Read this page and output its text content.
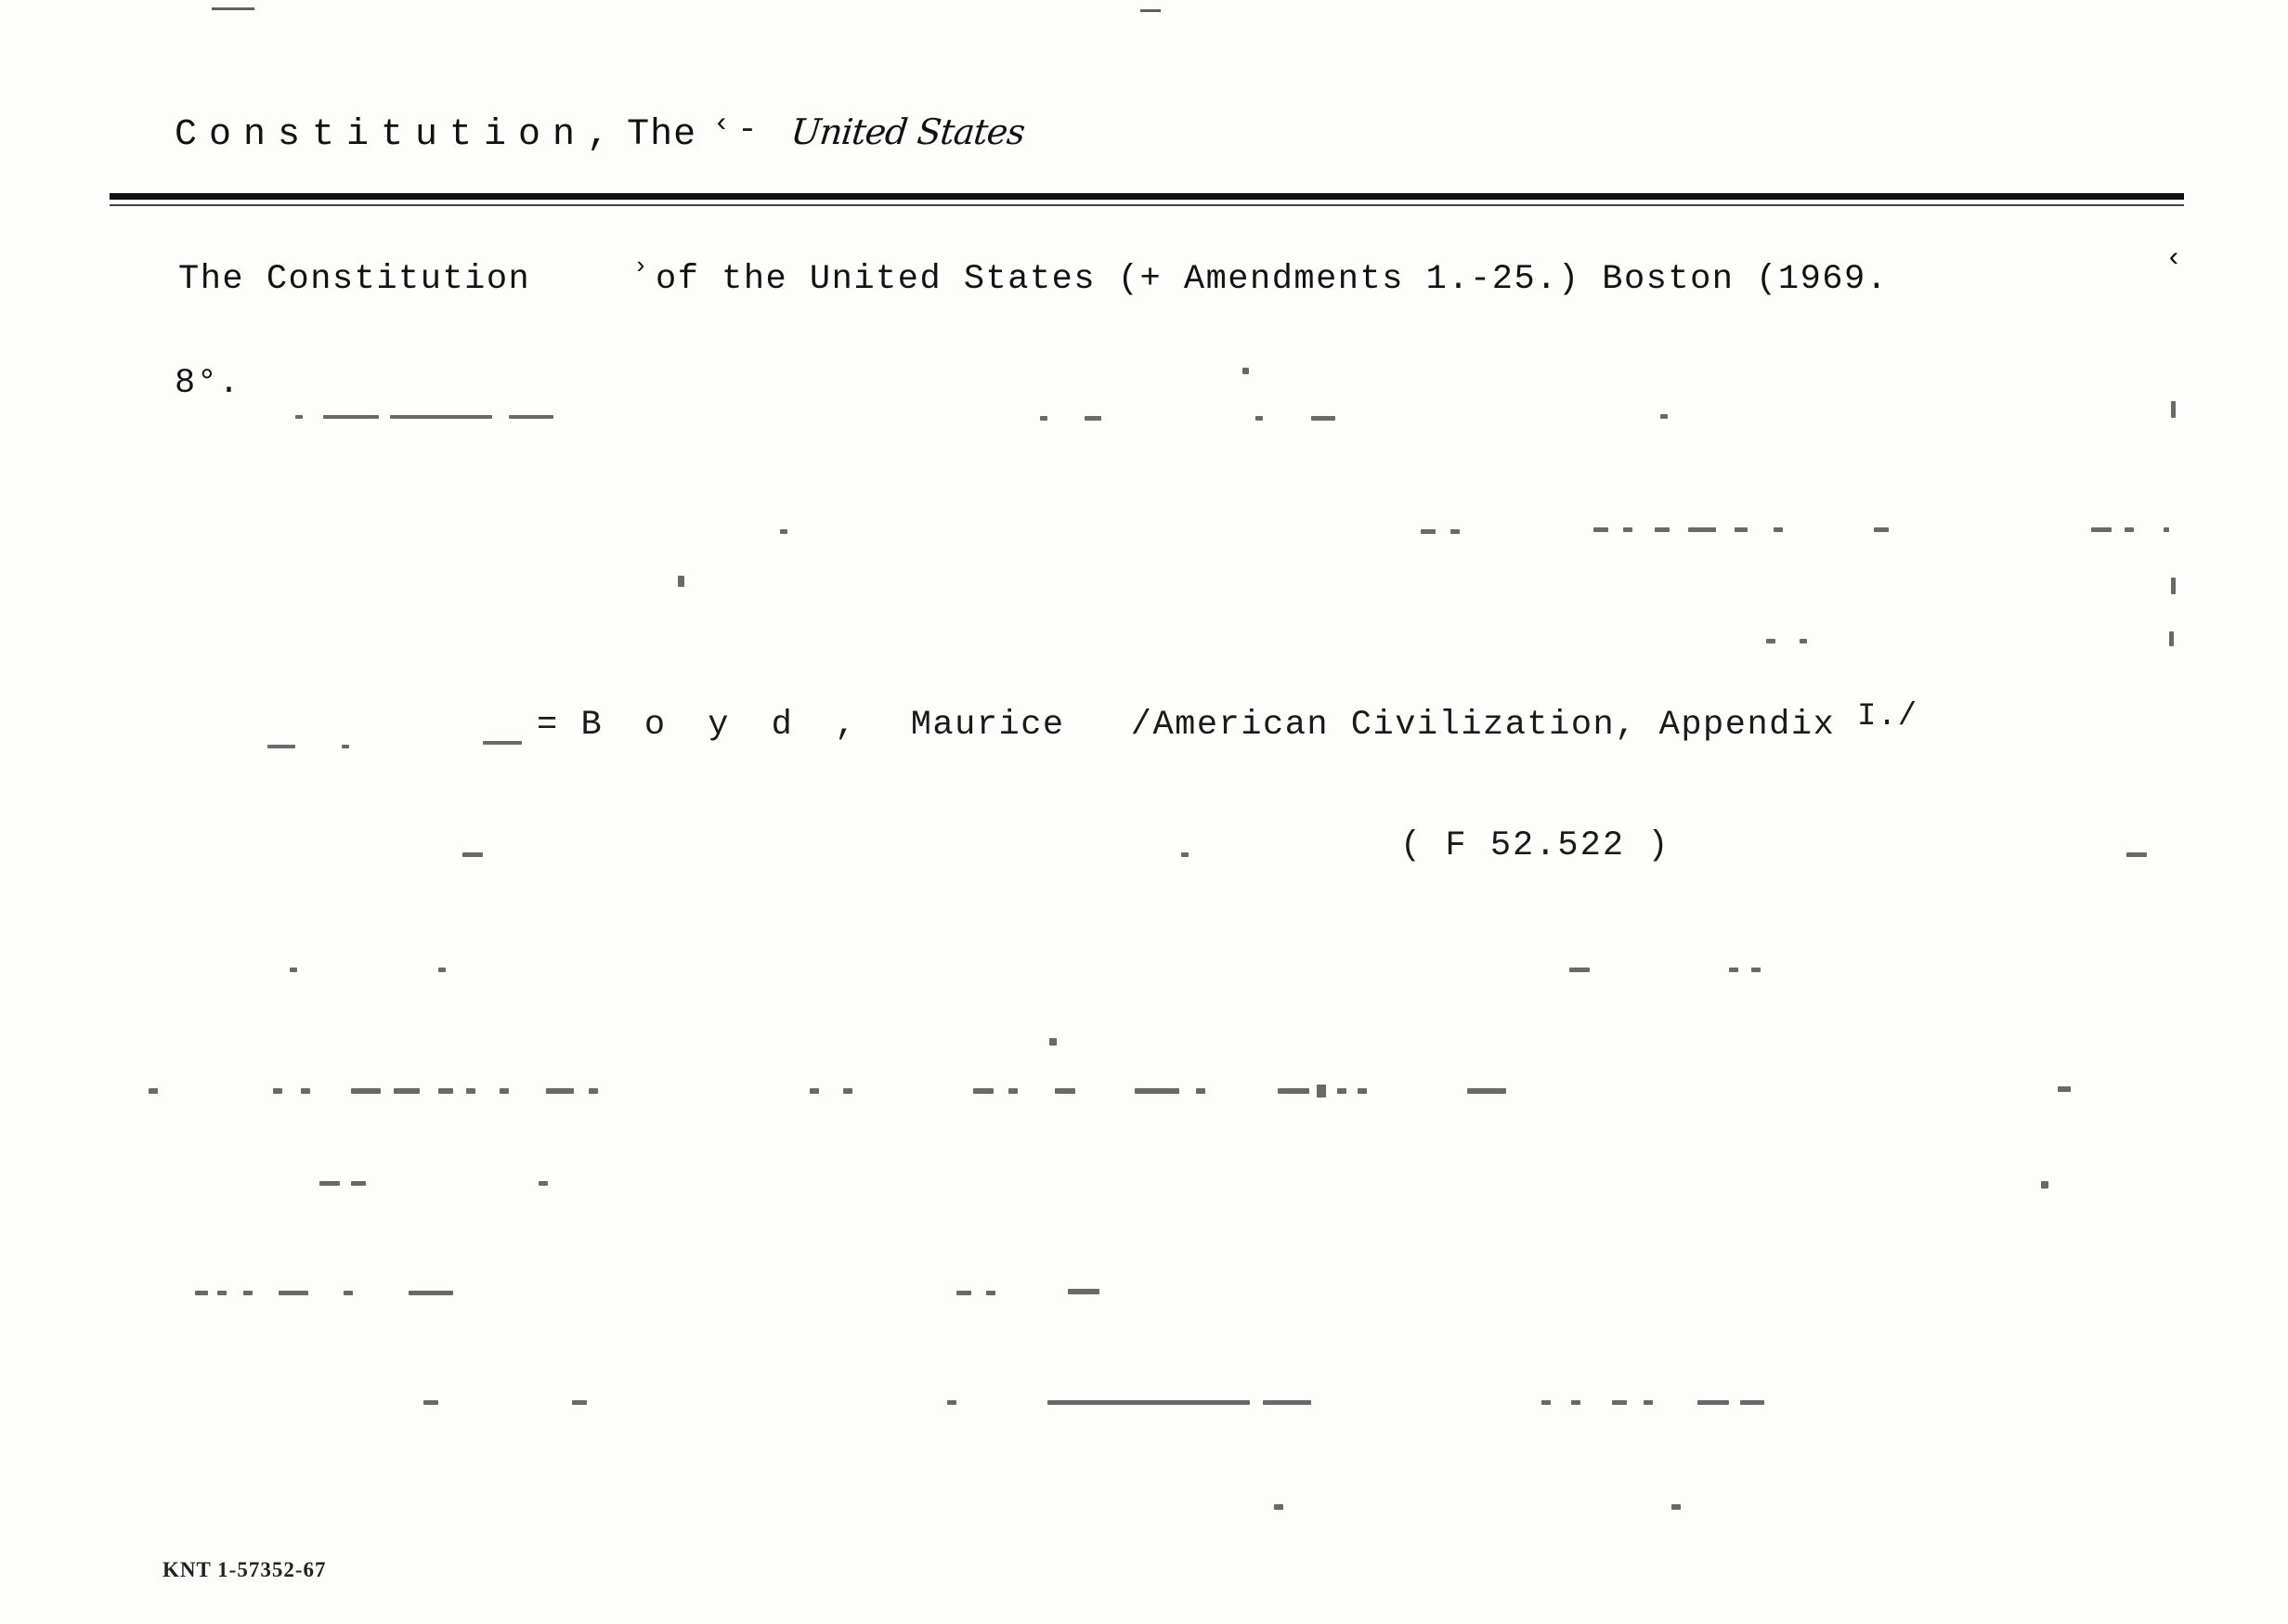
Constitution, The › - United States
The Constitution	‹ of the United States (+ Amendments 1.-25.) Boston (1969.
›
8°.
= B o y d , Maurice /American Civilization, Appendix I./
( F 52.522 )
KNT 1-57352-67
